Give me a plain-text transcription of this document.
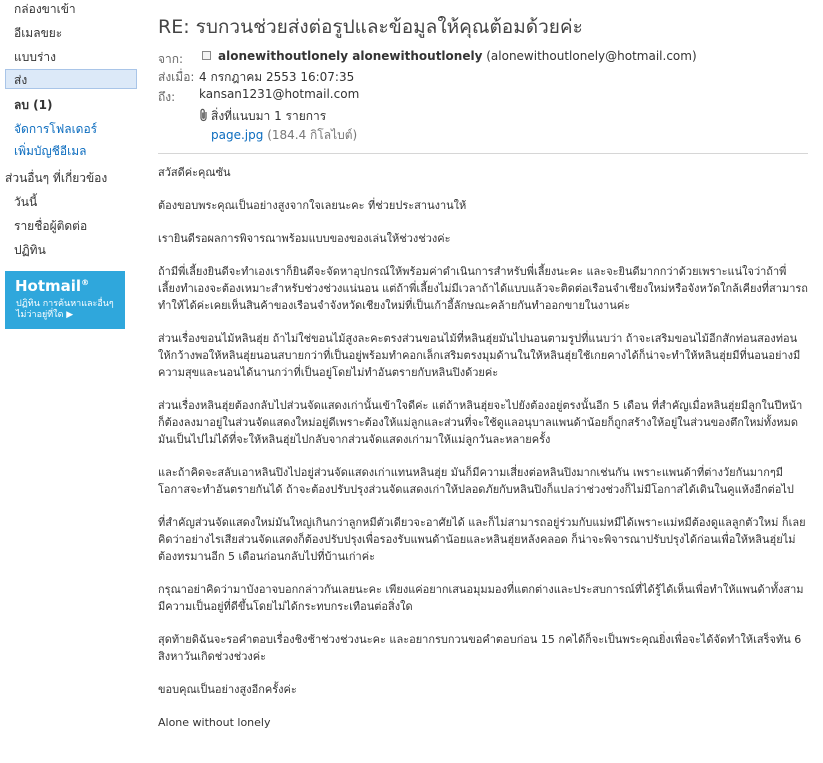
กล่องขาเข้า
อีเมลขยะ
แบบร่าง
ส่ง
ลบ (1)
จัดการโฟลเดอร์
เพิ่มบัญชีอีเมล
ส่วนอื่นๆ ที่เกี่ยวข้อง
วันนี้
รายชื่อผู้ติดต่อ
ปฏิทิน
Hotmail®
ปฏิทิน การค้นหาและอื่นๆ
ไม่ว่าอยู่ที่ใด ▶
RE: รบกวนช่วยส่งต่อรูปและข้อมูลให้คุณต้อมด้วยค่ะ
จาก:	alonewithoutlonely alonewithoutlonely (alonewithoutlonely@hotmail.com)
ส่งเมื่อ: 4 กรกฎาคม 2553 16:07:35
ถึง: kansan1231@hotmail.com
สิ่งที่แนบมา 1 รายการ
page.jpg (184.4 กิโลไบต์)

สวัสดีค่ะคุณซัน

ต้องขอบพระคุณเป็นอย่างสูงจากใจเลยนะคะ ที่ช่วยประสานงานให้

เรายินดีรอผลการพิจารณาพร้อมแบบของของเล่นให้ช่วงช่วงค่ะ

ถ้ามีพี่เลี้ยงยินดีจะทำเองเราก็ยินดีจะจัดหาอุปกรณ์ให้พร้อมค่าดำเนินการสำหรับพี่เลี้ยงนะคะ และจะยินดีมากกว่าด้วยเพราะแน่ใจว่าถ้าพี่เลี้ยงทำเองจะต้องเหมาะสำหรับช่วงช่วงแน่นอน แต่ถ้าพี่เลี้ยงไม่มีเวลาถ้าได้แบบแล้วจะติดต่อเรือนจำเชียงใหม่หรือจังหวัดใกล้เคียงที่สามารถทำให้ได้ค่ะเคยเห็นสินค้าของเรือนจำจังหวัดเชียงใหม่ที่เป็นเก้าอี้ลักษณะคล้ายกันทำออกขายในงานค่ะ

ส่วนเรื่องขอนไม้หลินฮุ่ย ถ้าไม่ใช่ขอนไม้สูงละคะตรงส่วนขอนไม้ที่หลินฮุ่ยมันไปนอนตามรูปที่แนบว่า ถ้าจะเสริมขอนไม้อีกสักท่อนสองท่อนให้กว้างพอให้หลินฮุ่ยนอนสบายกว่าที่เป็นอยู่พร้อมทำคอกเล็กเสริมตรงมุมด้านในให้หลินฮุ่ยใช้เกยคางได้ก็น่าจะทำให้หลินฮุ่ยมีที่นอนอย่างมีความสุขและนอนได้นานกว่าที่เป็นอยู่โดยไม่ทำอันตรายกับหลินปิงด้วยค่ะ

ส่วนเรื่องหลินฮุ่ยต้องกลับไปส่วนจัดแสดงเก่านั้นเข้าใจดีค่ะ แต่ถ้าหลินฮุ่ยจะไปยังต้องอยู่ตรงนั้นอีก 5 เดือน ที่สำคัญเมื่อหลินฮุ่ยมีลูกในปีหน้าก็ต้องลงมาอยู่ในส่วนจัดแสดงใหม่อยู่ดีเพราะต้องให้แม่ลูกและส่วนที่จะใช้ดูแลอนุบาลแพนด้าน้อยก็ถูกสร้างให้อยู่ในส่วนของตึกใหม่ทั้งหมด มันเป็นไปไม่ได้ที่จะให้หลินฮุ่ยไปกลับจากส่วนจัดแสดงเก่ามาให้แม่ลูกวันละหลายครั้ง

และถ้าคิดจะสลับเอาหลินปิงไปอยู่ส่วนจัดแสดงเก่าแทนหลินฮุ่ย มันก็มีความเสี่ยงต่อหลินปิงมากเช่นกัน เพราะแพนด้าที่ต่างวัยกันมากๆมีโอกาสจะทำอันตรายกันได้ ถ้าจะต้องปรับปรุงส่วนจัดแสดงเก่าให้ปลอดภัยกับหลินปิงก็แปลว่าช่วงช่วงก็ไม่มีโอกาสได้เดินในคูแห้งอีกต่อไป

ที่สำคัญส่วนจัดแสดงใหม่มันใหญ่เกินกว่าลูกหมีตัวเดียวจะอาศัยได้ และก็ไม่สามารถอยู่ร่วมกับแม่หมีได้เพราะแม่หมีต้องดูแลลูกตัวใหม่ ก็เลยคิดว่าอย่างไรเสียส่วนจัดแสดงก็ต้องปรับปรุงเพื่อรองรับแพนด้าน้อยและหลินฮุ่ยหลังคลอด ก็น่าจะพิจารณาปรับปรุงได้ก่อนเพื่อให้หลินฮุ่ยไม่ต้องทรมานอีก 5 เดือนก่อนกลับไปที่บ้านเก่าค่ะ

กรุณาอย่าคิดว่ามาบังอาจบอกกล่าวกันเลยนะคะ เพียงแค่อยากเสนอมุมมองที่แตกต่างและประสบการณ์ที่ได้รู้ได้เห็นเพื่อทำให้แพนด้าทั้งสามมีความเป็นอยู่ที่ดีขึ้นโดยไม่ได้กระทบกระเทือนต่อสิ่งใด

สุดท้ายดิฉันจะรอคำตอบเรื่องชิงช้าช่วงช่วงนะคะ และอยากรบกวนขอคำตอบก่อน 15 กคได้ก็จะเป็นพระคุณยิ่งเพื่อจะได้จัดทำให้เสร็จทัน 6 สิงหาวันเกิดช่วงช่วงค่ะ

ขอบคุณเป็นอย่างสูงอีกครั้งค่ะ

Alone without lonely
